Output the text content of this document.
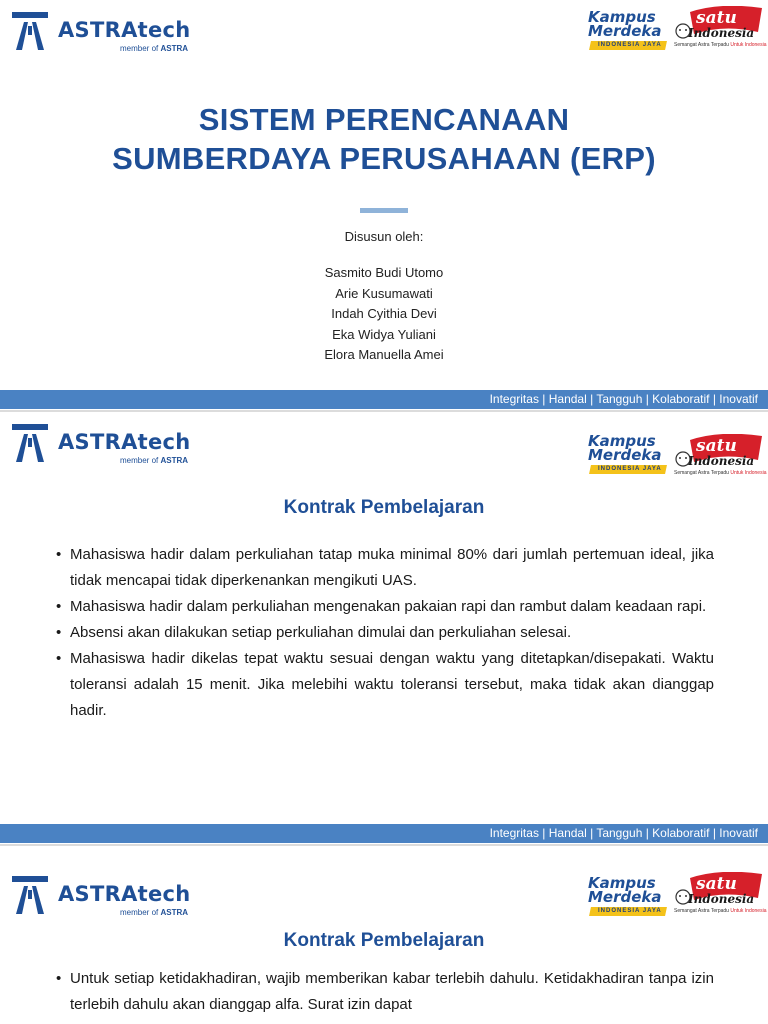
ASTRAtech
member of ASTRA
Kampus
Merdeka
INDONESIA JAYA
satu
Indonesia
Semangat Astra Terpadu Untuk Indonesia
SISTEM PERENCANAAN
SUMBERDAYA PERUSAHAAN (ERP)
Disusun oleh:
Sasmito Budi Utomo
Arie Kusumawati
Indah Cyithia Devi
Eka Widya Yuliani
Elora Manuella Amei
Integritas | Handal | Tangguh | Kolaboratif | Inovatif
ASTRAtech
member of ASTRA
Kampus
Merdeka
INDONESIA JAYA
satu
Indonesia
Semangat Astra Terpadu Untuk Indonesia
Kontrak Pembelajaran
• Mahasiswa hadir dalam perkuliahan tatap muka minimal 80% dari jumlah pertemuan ideal, jika tidak mencapai tidak diperkenankan mengikuti UAS.
• Mahasiswa hadir dalam perkuliahan mengenakan pakaian rapi dan rambut dalam keadaan rapi.
• Absensi akan dilakukan setiap perkuliahan dimulai dan perkuliahan selesai.
• Mahasiswa hadir dikelas tepat waktu sesuai dengan waktu yang ditetapkan/disepakati. Waktu toleransi adalah 15 menit. Jika melebihi waktu toleransi tersebut, maka tidak akan dianggap hadir.
Integritas | Handal | Tangguh | Kolaboratif | Inovatif
ASTRAtech
member of ASTRA
Kampus
Merdeka
INDONESIA JAYA
satu
Indonesia
Semangat Astra Terpadu Untuk Indonesia
Kontrak Pembelajaran
• Untuk setiap ketidakhadiran, wajib memberikan kabar terlebih dahulu. Ketidakhadiran tanpa izin terlebih dahulu akan dianggap alfa. Surat izin dapat
